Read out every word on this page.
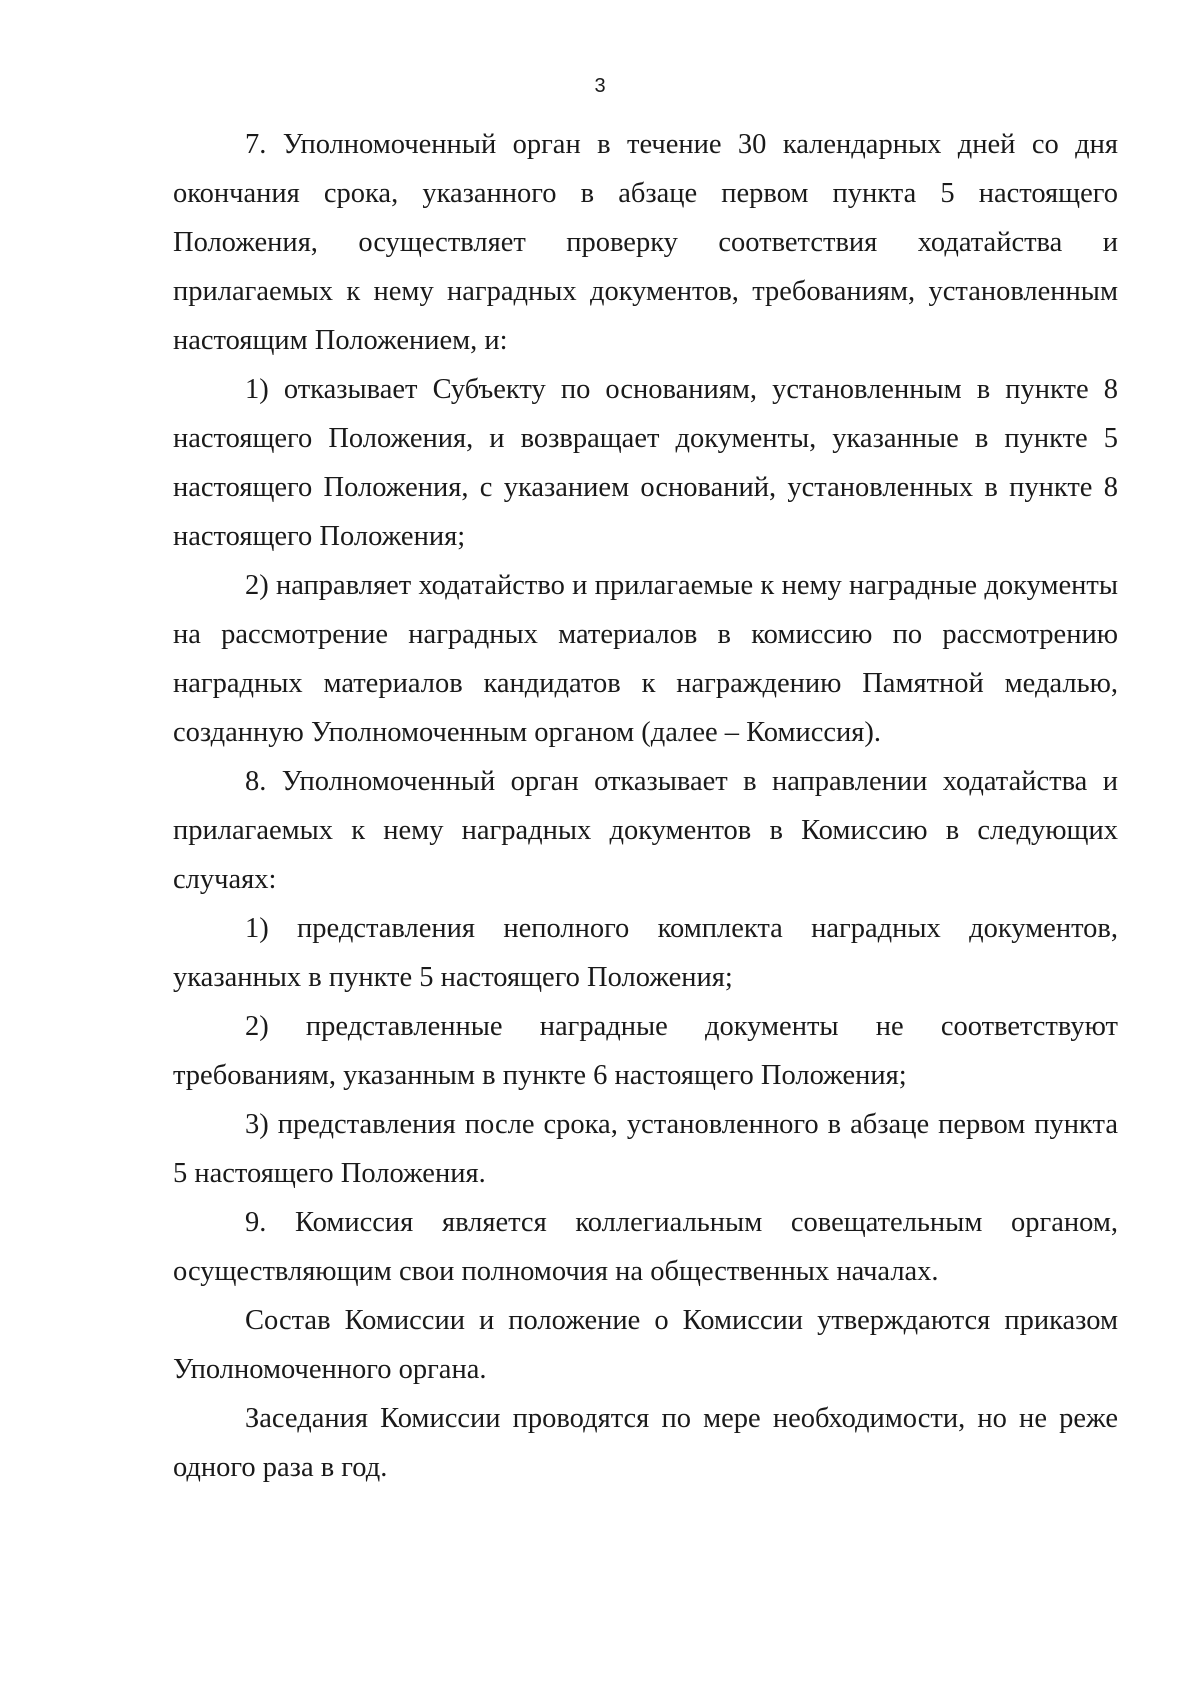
3

7. Уполномоченный орган в течение 30 календарных дней со дня окончания срока, указанного в абзаце первом пункта 5 настоящего Положения, осуществляет проверку соответствия ходатайства и прилагаемых к нему наградных документов, требованиям, установленным настоящим Положением, и:

1) отказывает Субъекту по основаниям, установленным в пункте 8 настоящего Положения, и возвращает документы, указанные в пункте 5 настоящего Положения, с указанием оснований, установленных в пункте 8 настоящего Положения;

2) направляет ходатайство и прилагаемые к нему наградные документы на рассмотрение наградных материалов в комиссию по рассмотрению наградных материалов кандидатов к награждению Памятной медалью, созданную Уполномоченным органом (далее – Комиссия).

8. Уполномоченный орган отказывает в направлении ходатайства и прилагаемых к нему наградных документов в Комиссию в следующих случаях:

1) представления неполного комплекта наградных документов, указанных в пункте 5 настоящего Положения;

2) представленные наградные документы не соответствуют требованиям, указанным в пункте 6 настоящего Положения;

3) представления после срока, установленного в абзаце первом пункта 5 настоящего Положения.

9. Комиссия является коллегиальным совещательным органом, осуществляющим свои полномочия на общественных началах.

Состав Комиссии и положение о Комиссии утверждаются приказом Уполномоченного органа.

Заседания Комиссии проводятся по мере необходимости, но не реже одного раза в год.
